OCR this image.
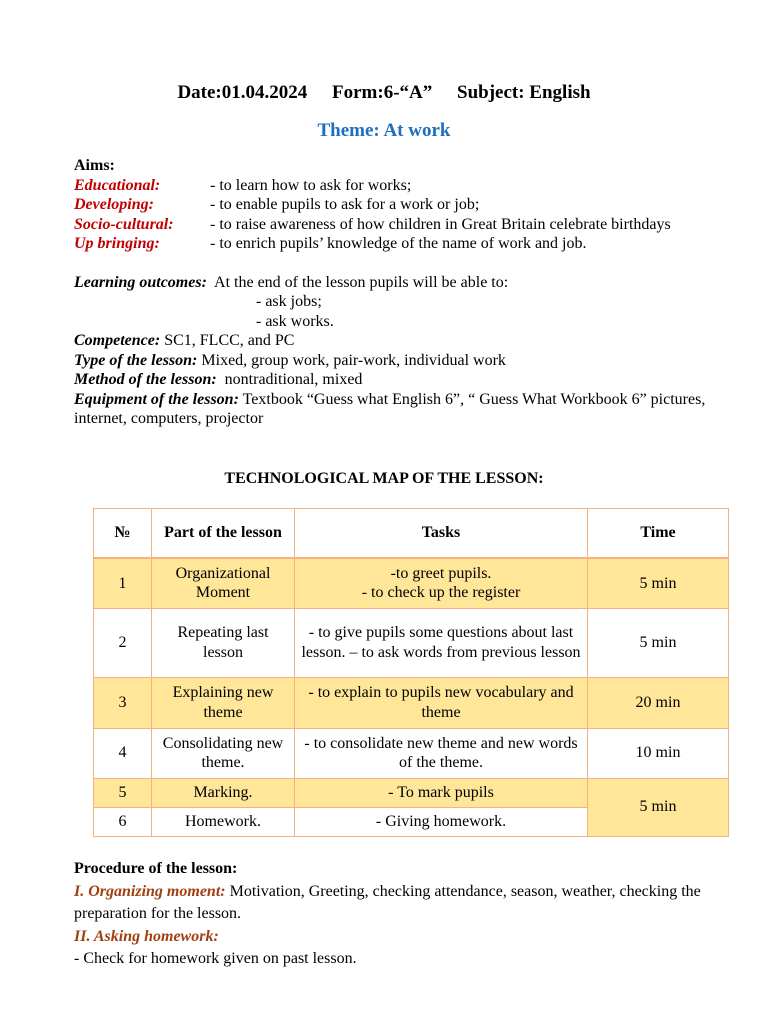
Date:01.04.2024 Form:6-“A” Subject: English
Theme: At work
Aims:
Educational:	- to learn how to ask for works;
Developing:	- to enable pupils to ask for a work or job;
Socio-cultural:	- to raise awareness of how children in Great Britain celebrate birthdays
Up bringing:	- to enrich pupils’ knowledge of the name of work and job.
Learning outcomes: At the end of the lesson pupils will be able to:
- ask jobs;
- ask works.
Competence: SC1, FLCC, and PC
Type of the lesson: Mixed, group work, pair-work, individual work
Method of the lesson: nontraditional, mixed
Equipment of the lesson: Textbook “Guess what English 6”, “ Guess What Workbook 6” pictures, internet, computers, projector
TECHNOLOGICAL MAP OF THE LESSON:
№	Part of the lesson	Tasks	Time
1	Organizational Moment	-to greet pupils.
- to check up the register	5 min
2	Repeating last lesson	- to give pupils some questions about last lesson. – to ask words from previous lesson	5 min
3	Explaining new theme	- to explain to pupils new vocabulary and theme	20 min
4	Consolidating new theme.	- to consolidate new theme and new words of the theme.	10 min
5	Marking.	- To mark pupils	5 min
6	Homework.	- Giving homework.	
Procedure of the lesson:
I. Organizing moment: Motivation, Greeting, checking attendance, season, weather, checking the preparation for the lesson.
II. Asking homework:
- Check for homework given on past lesson.
